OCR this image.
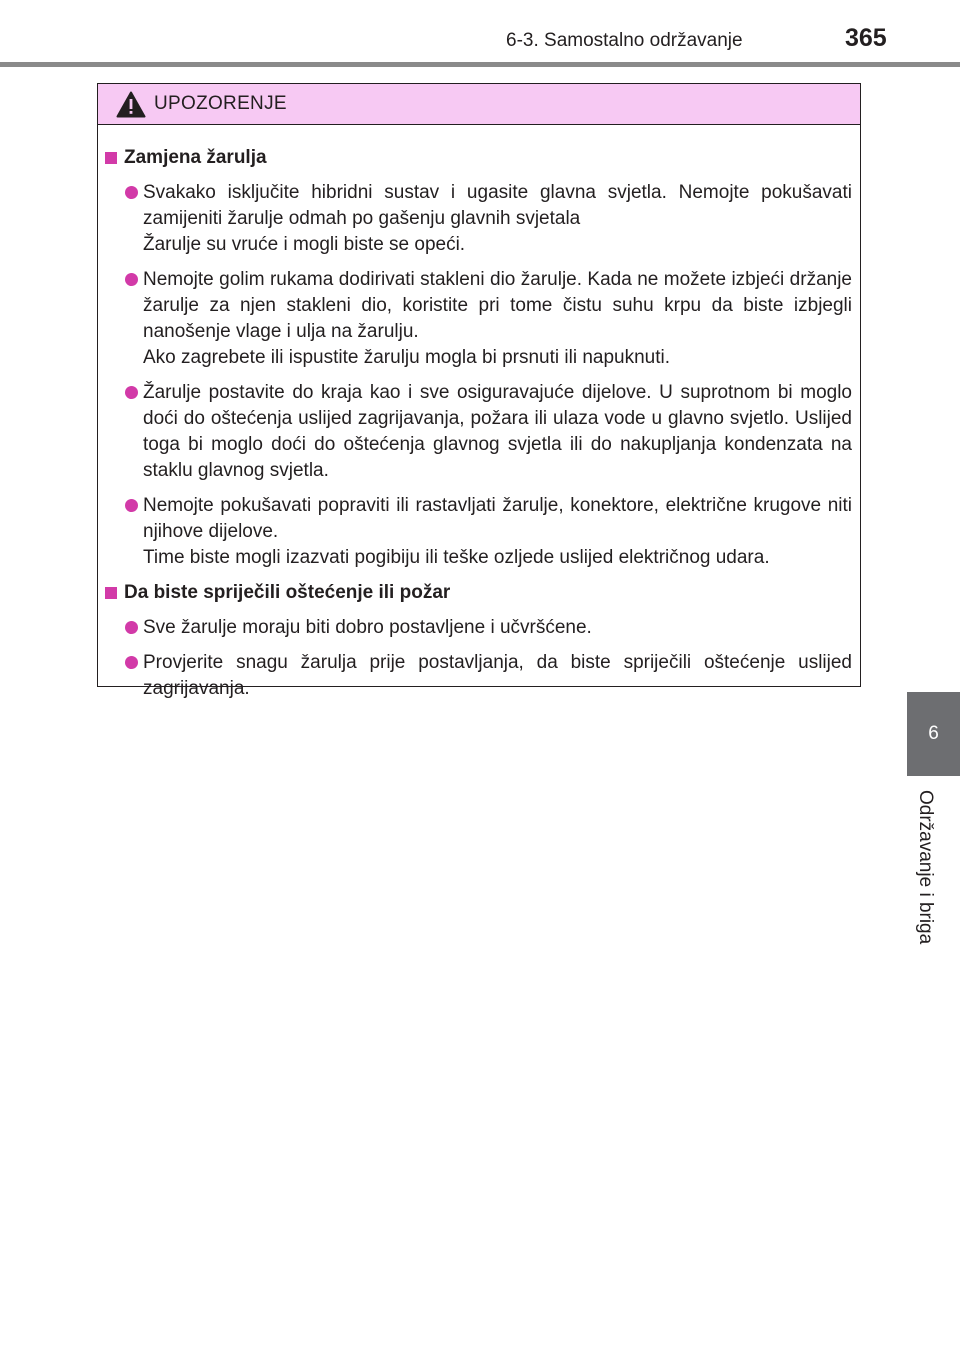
6-3. Samostalno održavanje	365
6
Održavanje i briga
UPOZORENJE
Zamjena žarulja

Svakako isključite hibridni sustav i ugasite glavna svjetla. Nemojte pokušavati zamijeniti žarulje odmah po gašenju glavnih svjetala

Žarulje su vruće i mogli biste se opeći.

Nemojte golim rukama dodirivati stakleni dio žarulje. Kada ne možete izbjeći držanje žarulje za njen stakleni dio, koristite pri tome čistu suhu krpu da biste izbjegli nanošenje vlage i ulja na žarulju.

Ako zagrebete ili ispustite žarulju mogla bi prsnuti ili napuknuti.

Žarulje postavite do kraja kao i sve osiguravajuće dijelove. U suprotnom bi moglo doći do oštećenja uslijed zagrijavanja, požara ili ulaza vode u glavno svjetlo. Uslijed toga bi moglo doći do oštećenja glavnog svjetla ili do nakupljanja kondenzata na staklu glavnog svjetla.

Nemojte pokušavati popraviti ili rastavljati žarulje, konektore, električne krugove niti njihove dijelove.

Time biste mogli izazvati pogibiju ili teške ozljede uslijed električnog udara.

Da biste spriječili oštećenje ili požar

Sve žarulje moraju biti dobro postavljene i učvršćene.

Provjerite snagu žarulja prije postavljanja, da biste spriječili oštećenje uslijed zagrijavanja.
